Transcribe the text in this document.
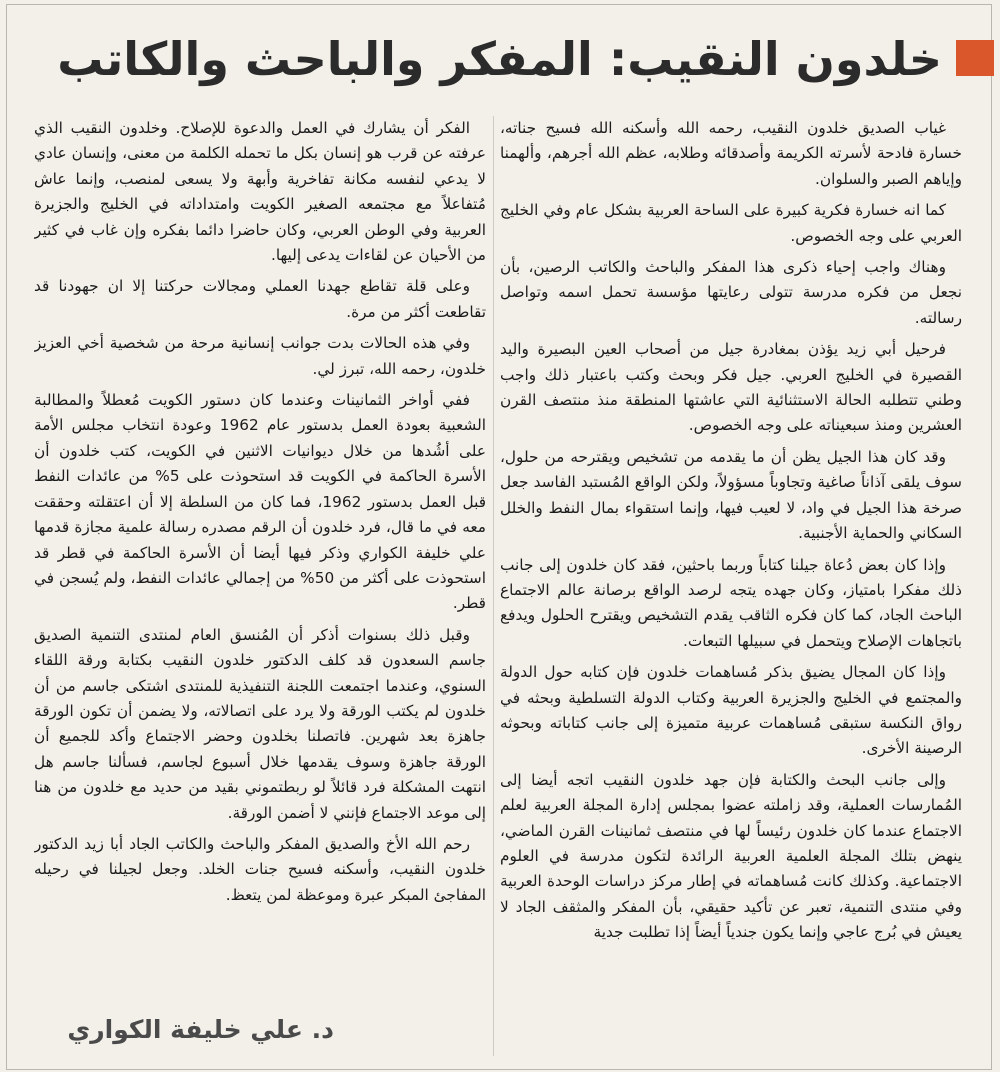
خلدون النقيب: المفكر والباحث والكاتب

غياب الصديق خلدون النقيب، رحمه الله وأسكنه الله فسيح جناته، خسارة فادحة لأسرته الكريمة وأصدقائه وطلابه، عظم الله أجرهم، وألهمنا وإياهم الصبر والسلوان.

كما انه خسارة فكرية كبيرة على الساحة العربية بشكل عام وفي الخليج العربي على وجه الخصوص.

وهناك واجب إحياء ذكرى هذا المفكر والباحث والكاتب الرصين، بأن نجعل من فكره مدرسة تتولى رعايتها مؤسسة تحمل اسمه وتواصل رسالته.

فرحيل أبي زيد يؤذن بمغادرة جيل من أصحاب العين البصيرة واليد القصيرة في الخليج العربي. جيل فكر وبحث وكتب باعتبار ذلك واجب وطني تتطلبه الحالة الاستثنائية التي عاشتها المنطقة منذ منتصف القرن العشرين ومنذ سبعيناته على وجه الخصوص.

وقد كان هذا الجيل يظن أن ما يقدمه من تشخيص ويقترحه من حلول، سوف يلقى آذاناً صاغية وتجاوباً مسؤولاً، ولكن الواقع المُستبد الفاسد جعل صرخة هذا الجيل في واد، لا لعيب فيها، وإنما استقواء بمال النفط والخلل السكاني والحماية الأجنبية.

وإذا كان بعض دُعاة جيلنا كتاباً وربما باحثين، فقد كان خلدون إلى جانب ذلك مفكرا بامتياز، وكان جهده يتجه لرصد الواقع برصانة عالم الاجتماع الباحث الجاد، كما كان فكره الثاقب يقدم التشخيص ويقترح الحلول ويدفع باتجاهات الإصلاح ويتحمل في سبيلها التبعات.

وإذا كان المجال يضيق بذكر مُساهمات خلدون فإن كتابه حول الدولة والمجتمع في الخليج والجزيرة العربية وكتاب الدولة التسلطية وبحثه في رواق النكسة ستبقى مُساهمات عربية متميزة إلى جانب كتاباته وبحوثه الرصينة الأخرى.

وإلى جانب البحث والكتابة فإن جهد خلدون النقيب اتجه أيضا إلى المُمارسات العملية، وقد زاملته عضوا بمجلس إدارة المجلة العربية لعلم الاجتماع عندما كان خلدون رئيساً لها في منتصف ثمانينات القرن الماضي، ينهض بتلك المجلة العلمية العربية الرائدة لتكون مدرسة في العلوم الاجتماعية. وكذلك كانت مُساهماته في إطار مركز دراسات الوحدة العربية وفي منتدى التنمية، تعبر عن تأكيد حقيقي، بأن المفكر والمثقف الجاد لا يعيش في بُرج عاجي وإنما يكون جندياً أيضاً إذا تطلبت جدية

الفكر أن يشارك في العمل والدعوة للإصلاح. وخلدون النقيب الذي عرفته عن قرب هو إنسان بكل ما تحمله الكلمة من معنى، وإنسان عادي لا يدعي لنفسه مكانة تفاخرية وأبهة ولا يسعى لمنصب، وإنما عاش مُتفاعلاً مع مجتمعه الصغير الكويت وامتداداته في الخليج والجزيرة العربية وفي الوطن العربي، وكان حاضرا دائما بفكره وإن غاب في كثير من الأحيان عن لقاءات يدعى إليها.

وعلى قلة تقاطع جهدنا العملي ومجالات حركتنا إلا ان جهودنا قد تقاطعت أكثر من مرة.

وفي هذه الحالات بدت جوانب إنسانية مرحة من شخصية أخي العزيز خلدون، رحمه الله، تبرز لي.

ففي أواخر الثمانينات وعندما كان دستور الكويت مُعطلاً والمطالبة الشعبية بعودة العمل بدستور عام 1962 وعودة انتخاب مجلس الأمة على أشُدها من خلال ديوانيات الاثنين في الكويت، كتب خلدون أن الأسرة الحاكمة في الكويت قد استحوذت على 5% من عائدات النفط قبل العمل بدستور 1962، فما كان من السلطة إلا أن اعتقلته وحققت معه في ما قال، فرد خلدون أن الرقم مصدره رسالة علمية مجازة قدمها علي خليفة الكواري وذكر فيها أيضا أن الأسرة الحاكمة في قطر قد استحوذت على أكثر من 50% من إجمالي عائدات النفط، ولم يُسجن في قطر.

وقبل ذلك بسنوات أذكر أن المُنسق العام لمنتدى التنمية الصديق جاسم السعدون قد كلف الدكتور خلدون النقيب بكتابة ورقة اللقاء السنوي، وعندما اجتمعت اللجنة التنفيذية للمنتدى اشتكى جاسم من أن خلدون لم يكتب الورقة ولا يرد على اتصالاته، ولا يضمن أن تكون الورقة جاهزة بعد شهرين. فاتصلنا بخلدون وحضر الاجتماع وأكد للجميع أن الورقة جاهزة وسوف يقدمها خلال أسبوع لجاسم، فسألنا جاسم هل انتهت المشكلة فرد قائلاً لو ربطتموني بقيد من حديد مع خلدون من هنا إلى موعد الاجتماع فإنني لا أضمن الورقة.

رحم الله الأخ والصديق المفكر والباحث والكاتب الجاد أبا زيد الدكتور خلدون النقيب، وأسكنه فسيح جنات الخلد. وجعل لجيلنا في رحيله المفاجئ المبكر عبرة وموعظة لمن يتعظ.

د. علي خليفة الكواري
